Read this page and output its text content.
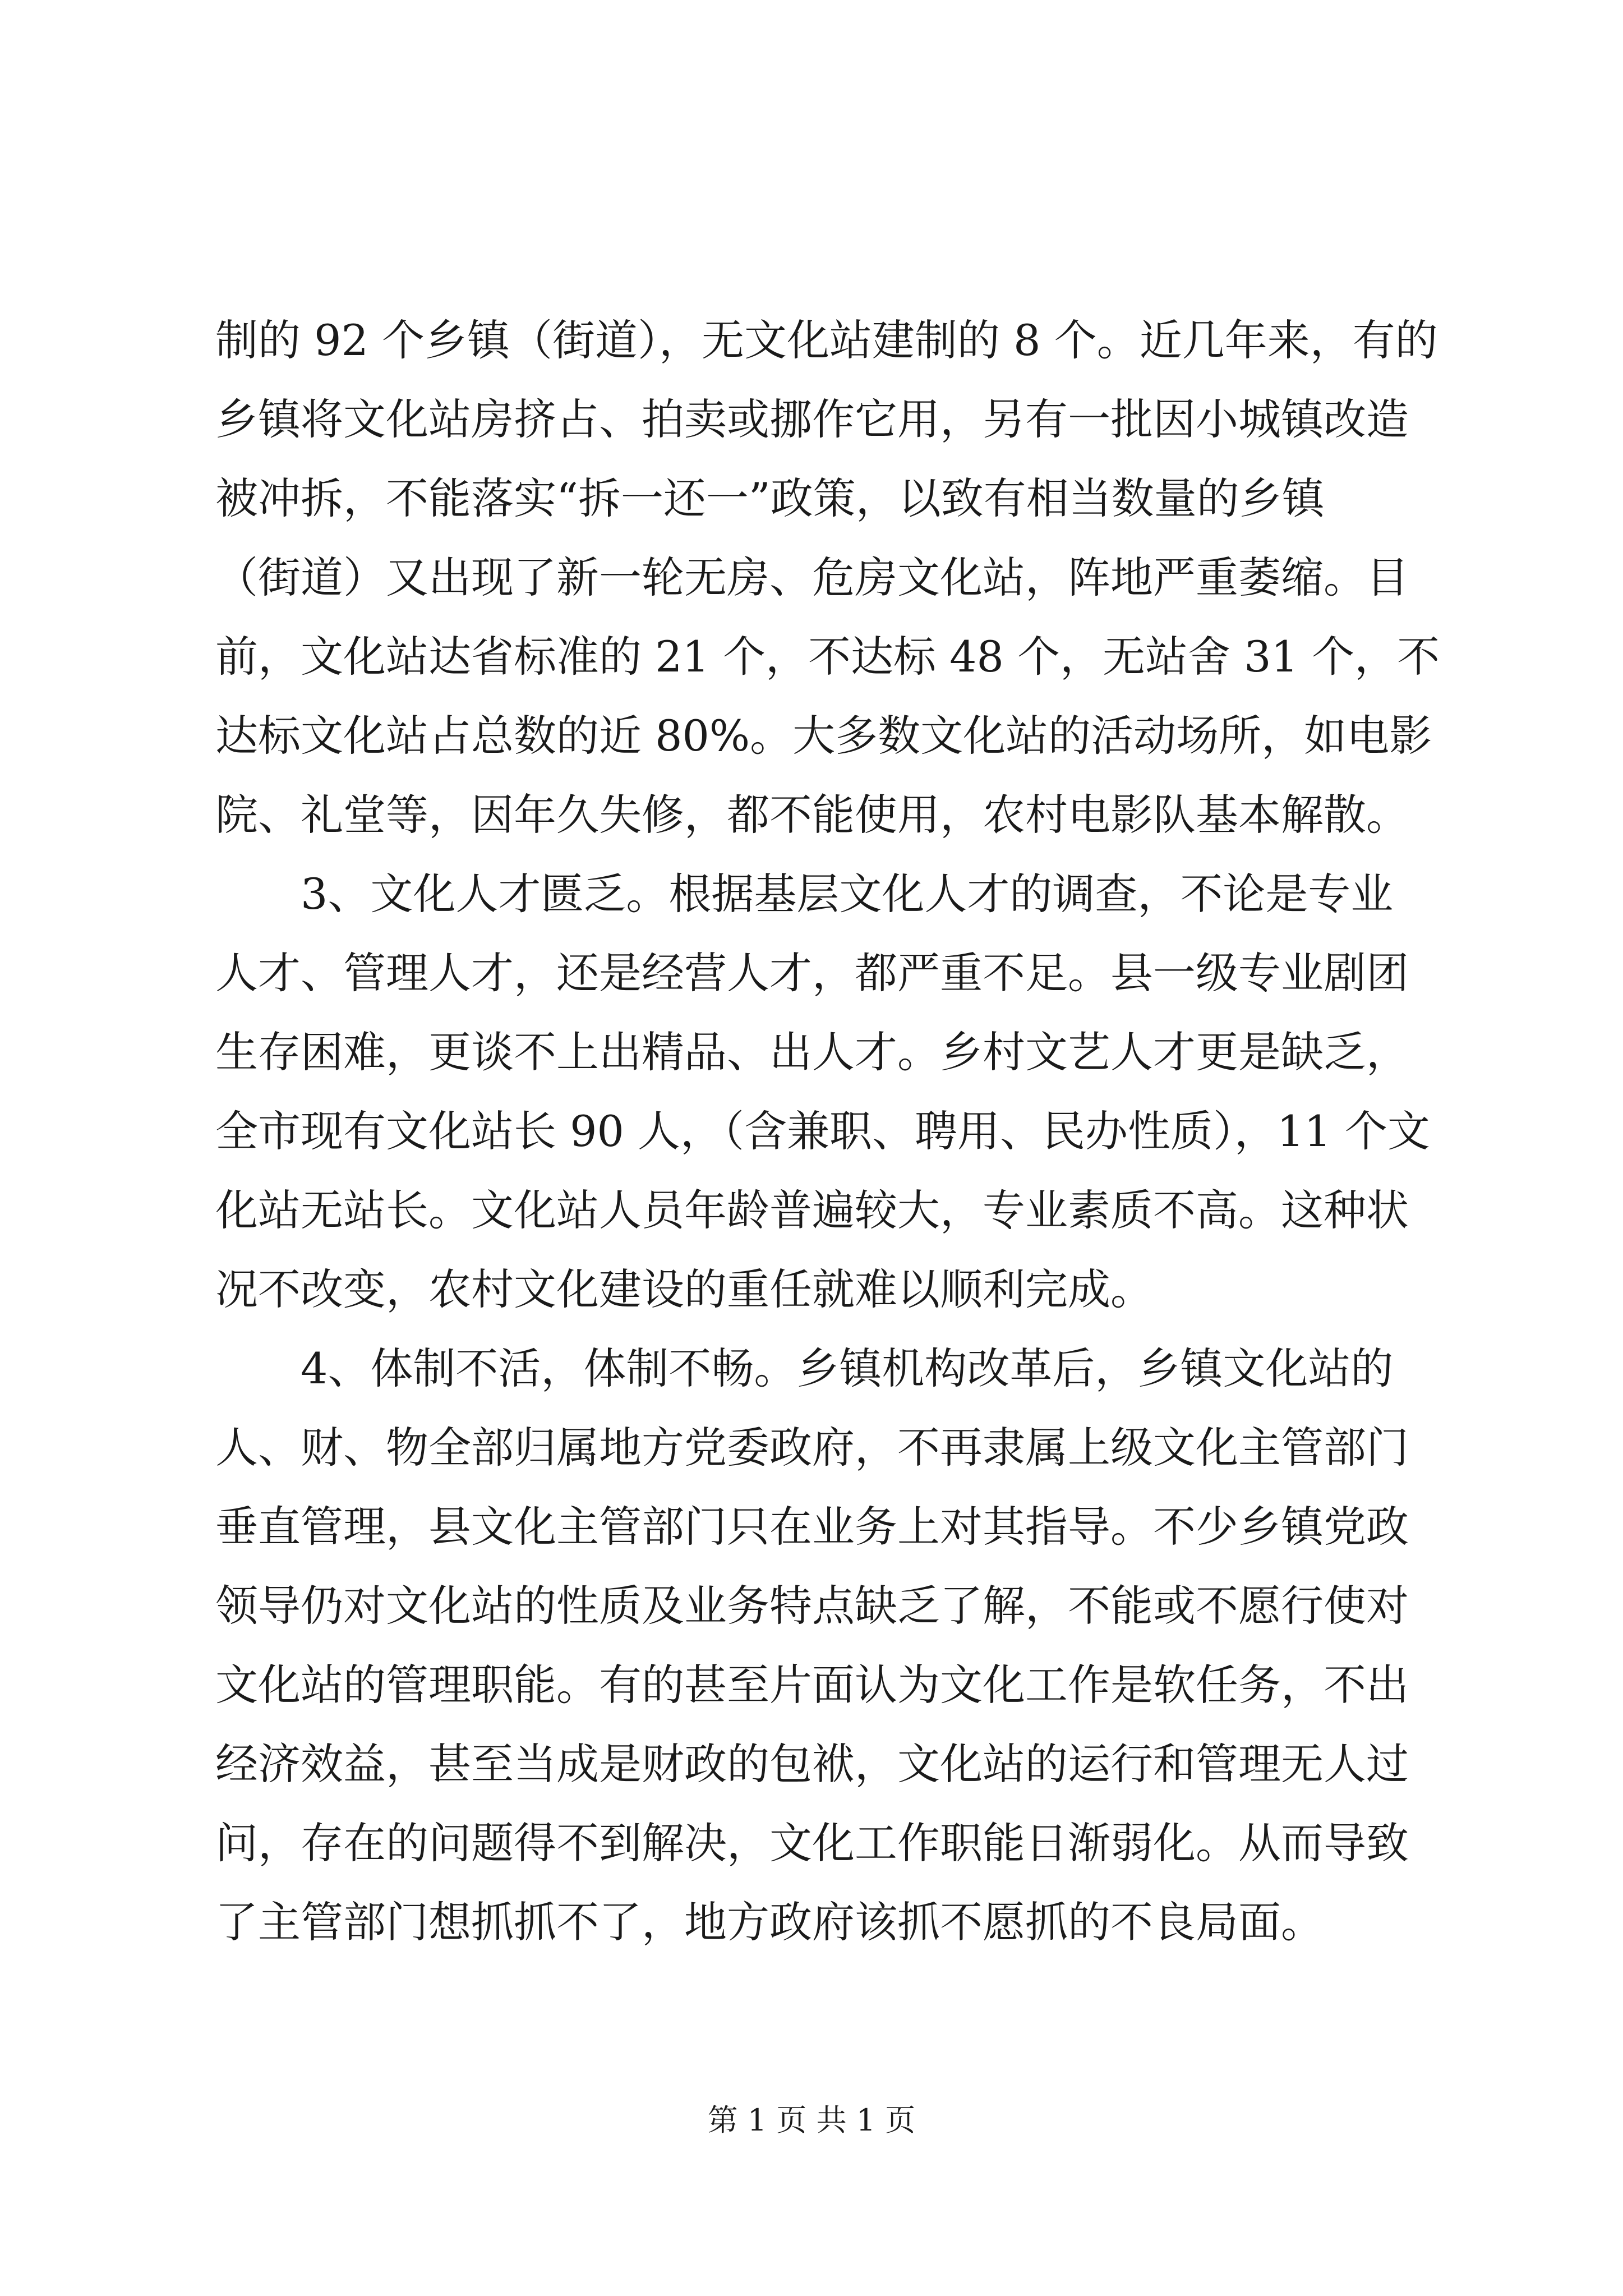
制的 92 个乡镇（街道），无文化站建制的 8 个。近几年来，有的
乡镇将文化站房挤占、拍卖或挪作它用，另有一批因小城镇改造
被冲拆，不能落实“拆一还一”政策，以致有相当数量的乡镇
（街道）又出现了新一轮无房、危房文化站，阵地严重萎缩。目
前，文化站达省标准的 21 个，不达标 48 个，无站舍 31 个，不
达标文化站占总数的近 80%。大多数文化站的活动场所，如电影
院、礼堂等，因年久失修，都不能使用，农村电影队基本解散。
3、文化人才匮乏。根据基层文化人才的调查，不论是专业
人才、管理人才，还是经营人才，都严重不足。县一级专业剧团
生存困难，更谈不上出精品、出人才。乡村文艺人才更是缺乏，
全市现有文化站长 90 人，（含兼职、聘用、民办性质），11 个文
化站无站长。文化站人员年龄普遍较大，专业素质不高。这种状
况不改变，农村文化建设的重任就难以顺利完成。
4、体制不活，体制不畅。乡镇机构改革后，乡镇文化站的
人、财、物全部归属地方党委政府，不再隶属上级文化主管部门
垂直管理，县文化主管部门只在业务上对其指导。不少乡镇党政
领导仍对文化站的性质及业务特点缺乏了解，不能或不愿行使对
文化站的管理职能。有的甚至片面认为文化工作是软任务，不出
经济效益，甚至当成是财政的包袱，文化站的运行和管理无人过
问，存在的问题得不到解决，文化工作职能日渐弱化。从而导致
了主管部门想抓抓不了，地方政府该抓不愿抓的不良局面。
第 1 页 共 1 页
